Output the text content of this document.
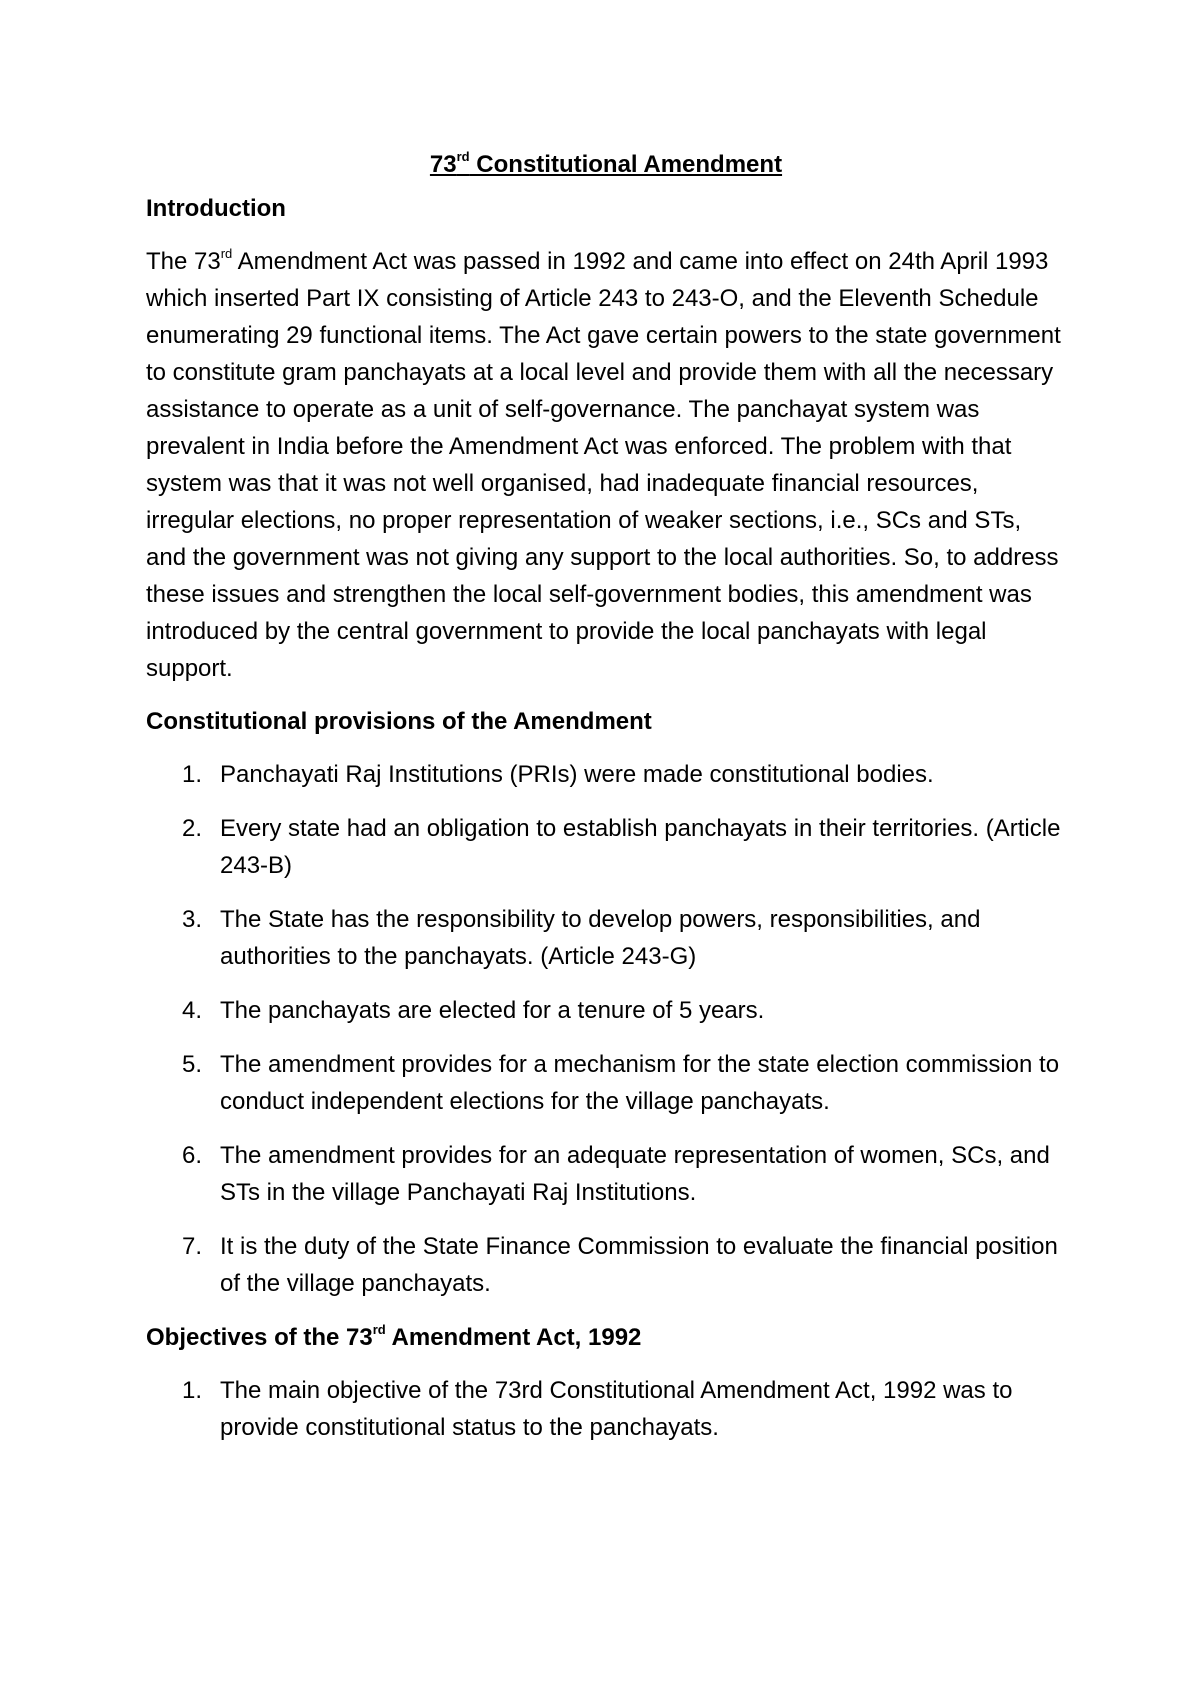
73rd Constitutional Amendment
Introduction

The 73rd Amendment Act was passed in 1992 and came into effect on 24th April 1993 which inserted Part IX consisting of Article 243 to 243-O, and the Eleventh Schedule enumerating 29 functional items. The Act gave certain powers to the state government to constitute gram panchayats at a local level and provide them with all the necessary assistance to operate as a unit of self-governance. The panchayat system was prevalent in India before the Amendment Act was enforced. The problem with that system was that it was not well organised, had inadequate financial resources, irregular elections, no proper representation of weaker sections, i.e., SCs and STs, and the government was not giving any support to the local authorities. So, to address these issues and strengthen the local self-government bodies, this amendment was introduced by the central government to provide the local panchayats with legal support.

Constitutional provisions of the Amendment
1. Panchayati Raj Institutions (PRIs) were made constitutional bodies.
2. Every state had an obligation to establish panchayats in their territories. (Article 243-B)
3. The State has the responsibility to develop powers, responsibilities, and authorities to the panchayats. (Article 243-G)
4. The panchayats are elected for a tenure of 5 years.
5. The amendment provides for a mechanism for the state election commission to conduct independent elections for the village panchayats.
6. The amendment provides for an adequate representation of women, SCs, and STs in the village Panchayati Raj Institutions.
7. It is the duty of the State Finance Commission to evaluate the financial position of the village panchayats.
Objectives of the 73rd Amendment Act, 1992
1. The main objective of the 73rd Constitutional Amendment Act, 1992 was to provide constitutional status to the panchayats.
